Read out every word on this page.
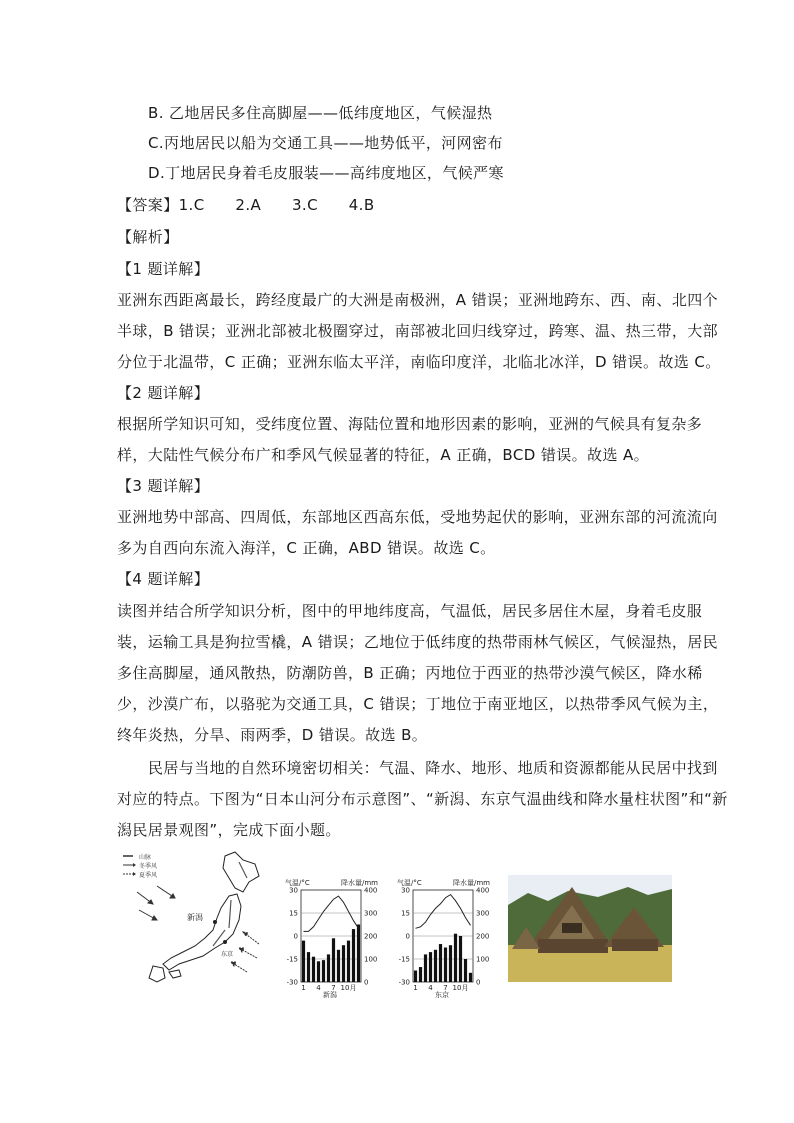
B. 乙地居民多住高脚屋——低纬度地区，气候湿热
C.丙地居民以船为交通工具——地势低平，河网密布
D.丁地居民身着毛皮服装——高纬度地区，气候严寒
【答案】1.C　　2.A　　3.C　　4.B
【解析】
【1 题详解】
亚洲东西距离最长，跨经度最广的大洲是南极洲，A 错误；亚洲地跨东、西、南、北四个
半球，B 错误；亚洲北部被北极圈穿过，南部被北回归线穿过，跨寒、温、热三带，大部
分位于北温带，C 正确；亚洲东临太平洋，南临印度洋，北临北冰洋，D 错误。故选 C。
【2 题详解】
根据所学知识可知，受纬度位置、海陆位置和地形因素的影响，亚洲的气候具有复杂多
样，大陆性气候分布广和季风气候显著的特征，A 正确，BCD 错误。故选 A。
【3 题详解】
亚洲地势中部高、四周低，东部地区西高东低，受地势起伏的影响，亚洲东部的河流流向
多为自西向东流入海洋，C 正确，ABD 错误。故选 C。
【4 题详解】
读图并结合所学知识分析，图中的甲地纬度高，气温低，居民多居住木屋，身着毛皮服
装，运输工具是狗拉雪橇，A 错误；乙地位于低纬度的热带雨林气候区，气候湿热，居民
多住高脚屋，通风散热，防潮防兽，B 正确；丙地位于西亚的热带沙漠气候区，降水稀
少，沙漠广布，以骆驼为交通工具，C 错误；丁地位于南亚地区，以热带季风气候为主，
终年炎热，分旱、雨两季，D 错误。故选 B。
民居与当地的自然环境密切相关：气温、降水、地形、地质和资源都能从民居中找到
对应的特点。下图为“日本山河分布示意图”、“新潟、东京气温曲线和降水量柱状图”和“新
潟民居景观图”，完成下面小题。
山脉
冬季风
夏季风
新潟
东京
气温/°C	降水量/mm
30
15
0
-15
-30
400
300
200
100
0
1 4 7 10月
新潟
气温/°C	降水量/mm
30
15
0
-15
-30
400
300
200
100
0
1 4 7 10月
东京
